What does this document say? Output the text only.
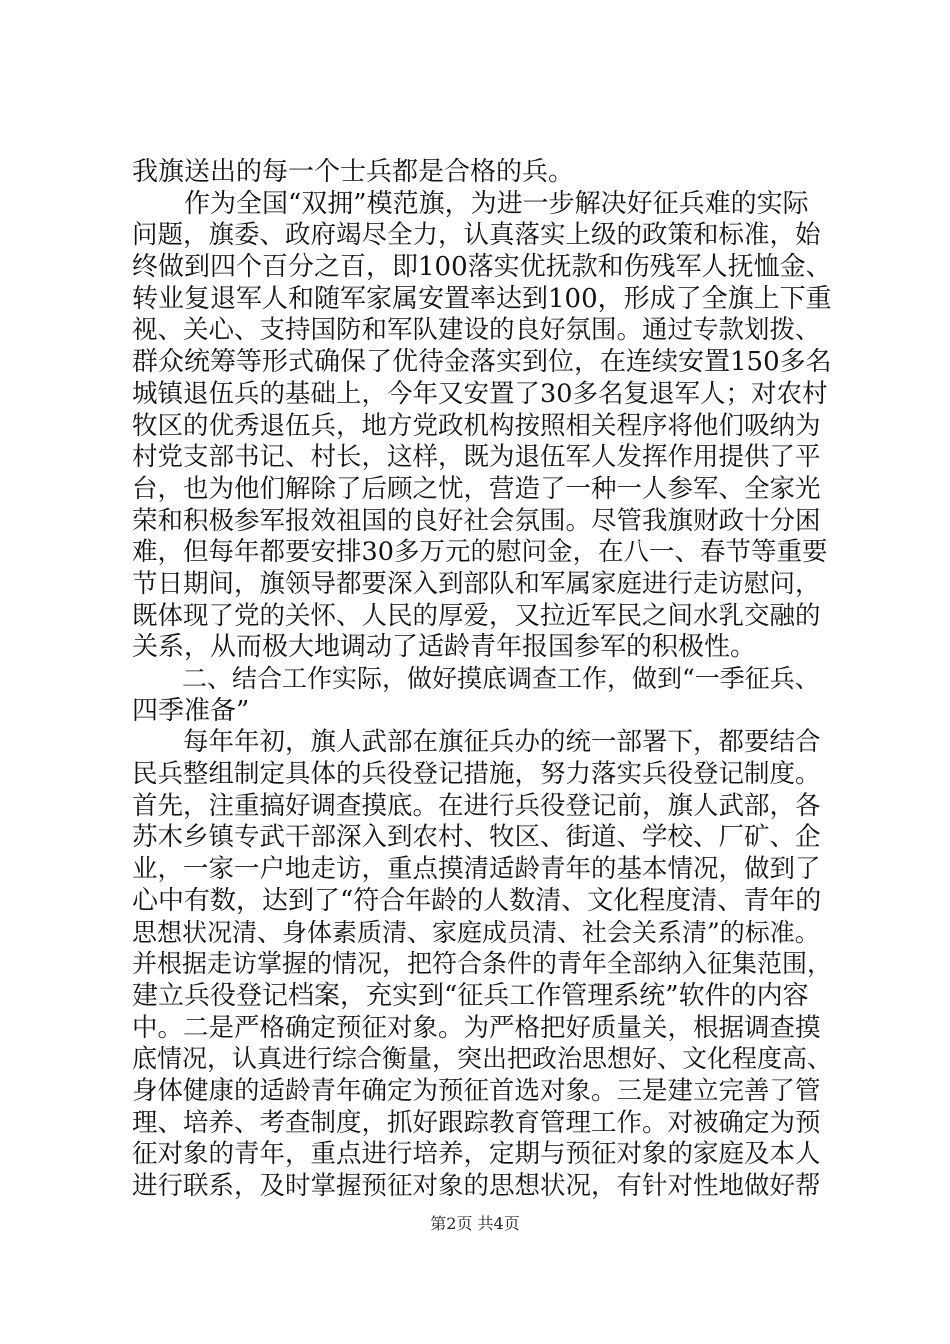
我旗送出的每一个士兵都是合格的兵。
　　作为全国“双拥”模范旗，为进一步解决好征兵难的实际
问题，旗委、政府竭尽全力，认真落实上级的政策和标准，始
终做到四个百分之百，即100落实优抚款和伤残军人抚恤金、
转业复退军人和随军家属安置率达到100，形成了全旗上下重
视、关心、支持国防和军队建设的良好氛围。通过专款划拨、
群众统筹等形式确保了优待金落实到位，在连续安置150多名
城镇退伍兵的基础上，今年又安置了30多名复退军人；对农村
牧区的优秀退伍兵，地方党政机构按照相关程序将他们吸纳为
村党支部书记、村长，这样，既为退伍军人发挥作用提供了平
台，也为他们解除了后顾之忧，营造了一种一人参军、全家光
荣和积极参军报效祖国的良好社会氛围。尽管我旗财政十分困
难，但每年都要安排30多万元的慰问金，在八一、春节等重要
节日期间，旗领导都要深入到部队和军属家庭进行走访慰问，
既体现了党的关怀、人民的厚爱，又拉近军民之间水乳交融的
关系，从而极大地调动了适龄青年报国参军的积极性。
　　二、结合工作实际，做好摸底调查工作，做到“一季征兵、
四季准备”
　　每年年初，旗人武部在旗征兵办的统一部署下，都要结合
民兵整组制定具体的兵役登记措施，努力落实兵役登记制度。
首先，注重搞好调查摸底。在进行兵役登记前，旗人武部，各
苏木乡镇专武干部深入到农村、牧区、街道、学校、厂矿、企
业，一家一户地走访，重点摸清适龄青年的基本情况，做到了
心中有数，达到了“符合年龄的人数清、文化程度清、青年的
思想状况清、身体素质清、家庭成员清、社会关系清”的标准。
并根据走访掌握的情况，把符合条件的青年全部纳入征集范围，
建立兵役登记档案，充实到“征兵工作管理系统”软件的内容
中。二是严格确定预征对象。为严格把好质量关，根据调查摸
底情况，认真进行综合衡量，突出把政治思想好、文化程度高、
身体健康的适龄青年确定为预征首选对象。三是建立完善了管
理、培养、考查制度，抓好跟踪教育管理工作。对被确定为预
征对象的青年，重点进行培养，定期与预征对象的家庭及本人
进行联系，及时掌握预征对象的思想状况，有针对性地做好帮
第2页 共4页
